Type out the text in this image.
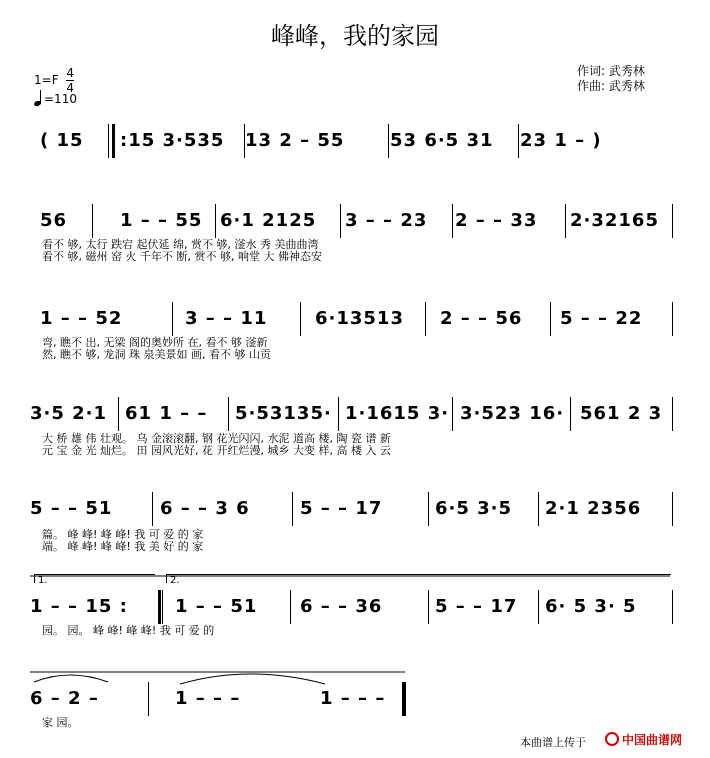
峰峰，我的家园
$1=F \frac{4}{4}$
=110
作词: 武秀林
作曲: 武秀林
( 15 :15 3·535 13 2 – 55	53 6·5 31 23 1 – )
56	1 – – 55 6·1 2125 3 – – 23 2 – – 33 2·32165
看不 够, 太行 跌宕 起伏延 绵, 赏不 够, 滏水 秀 美曲曲湾
看不 够, 磁州 窑 火 千年不 断, 赏不 够, 响堂 大 佛神态安
1 – – 52	3 – – 11	6·13513 2 – – 56 5 – – 22
弯, 瞧不 出, 无梁 阁的奥妙所 在, 看不 够 滏新
然, 瞧不 够, 龙洞 珠 泉美景如 画, 看不 够 山贡
3·5 2·1 61 1 – – 5·53135· 1·1615 3· 3·523 16· 561 2 3
大 桥 雄 伟 壮观。 乌 金滚滚翻, 钢 花光闪闪, 水泥 道高 楼, 陶 瓷 谱 新
元 宝 金 光 灿烂。 田 园风光好, 花 开红烂漫, 城乡 大变 样, 高 楼 入 云
5 – – 51	6 – – 3 6	5 – – 17	6·5 3·5 2·1 2356
篇。 峰 峰! 峰 峰! 我 可 爱 的 家
端。 峰 峰! 峰 峰! 我 美 好 的 家
1 – – 15 :	1 – – 51 6 – – 36	5 – – 17 6· 5 3· 5
园。 园。 峰 峰! 峰 峰! 我 可 爱 的
1.	2.
6 – 2 –	1 – – –	1 – – –
家 园。
本曲谱上传于	中国曲谱网
